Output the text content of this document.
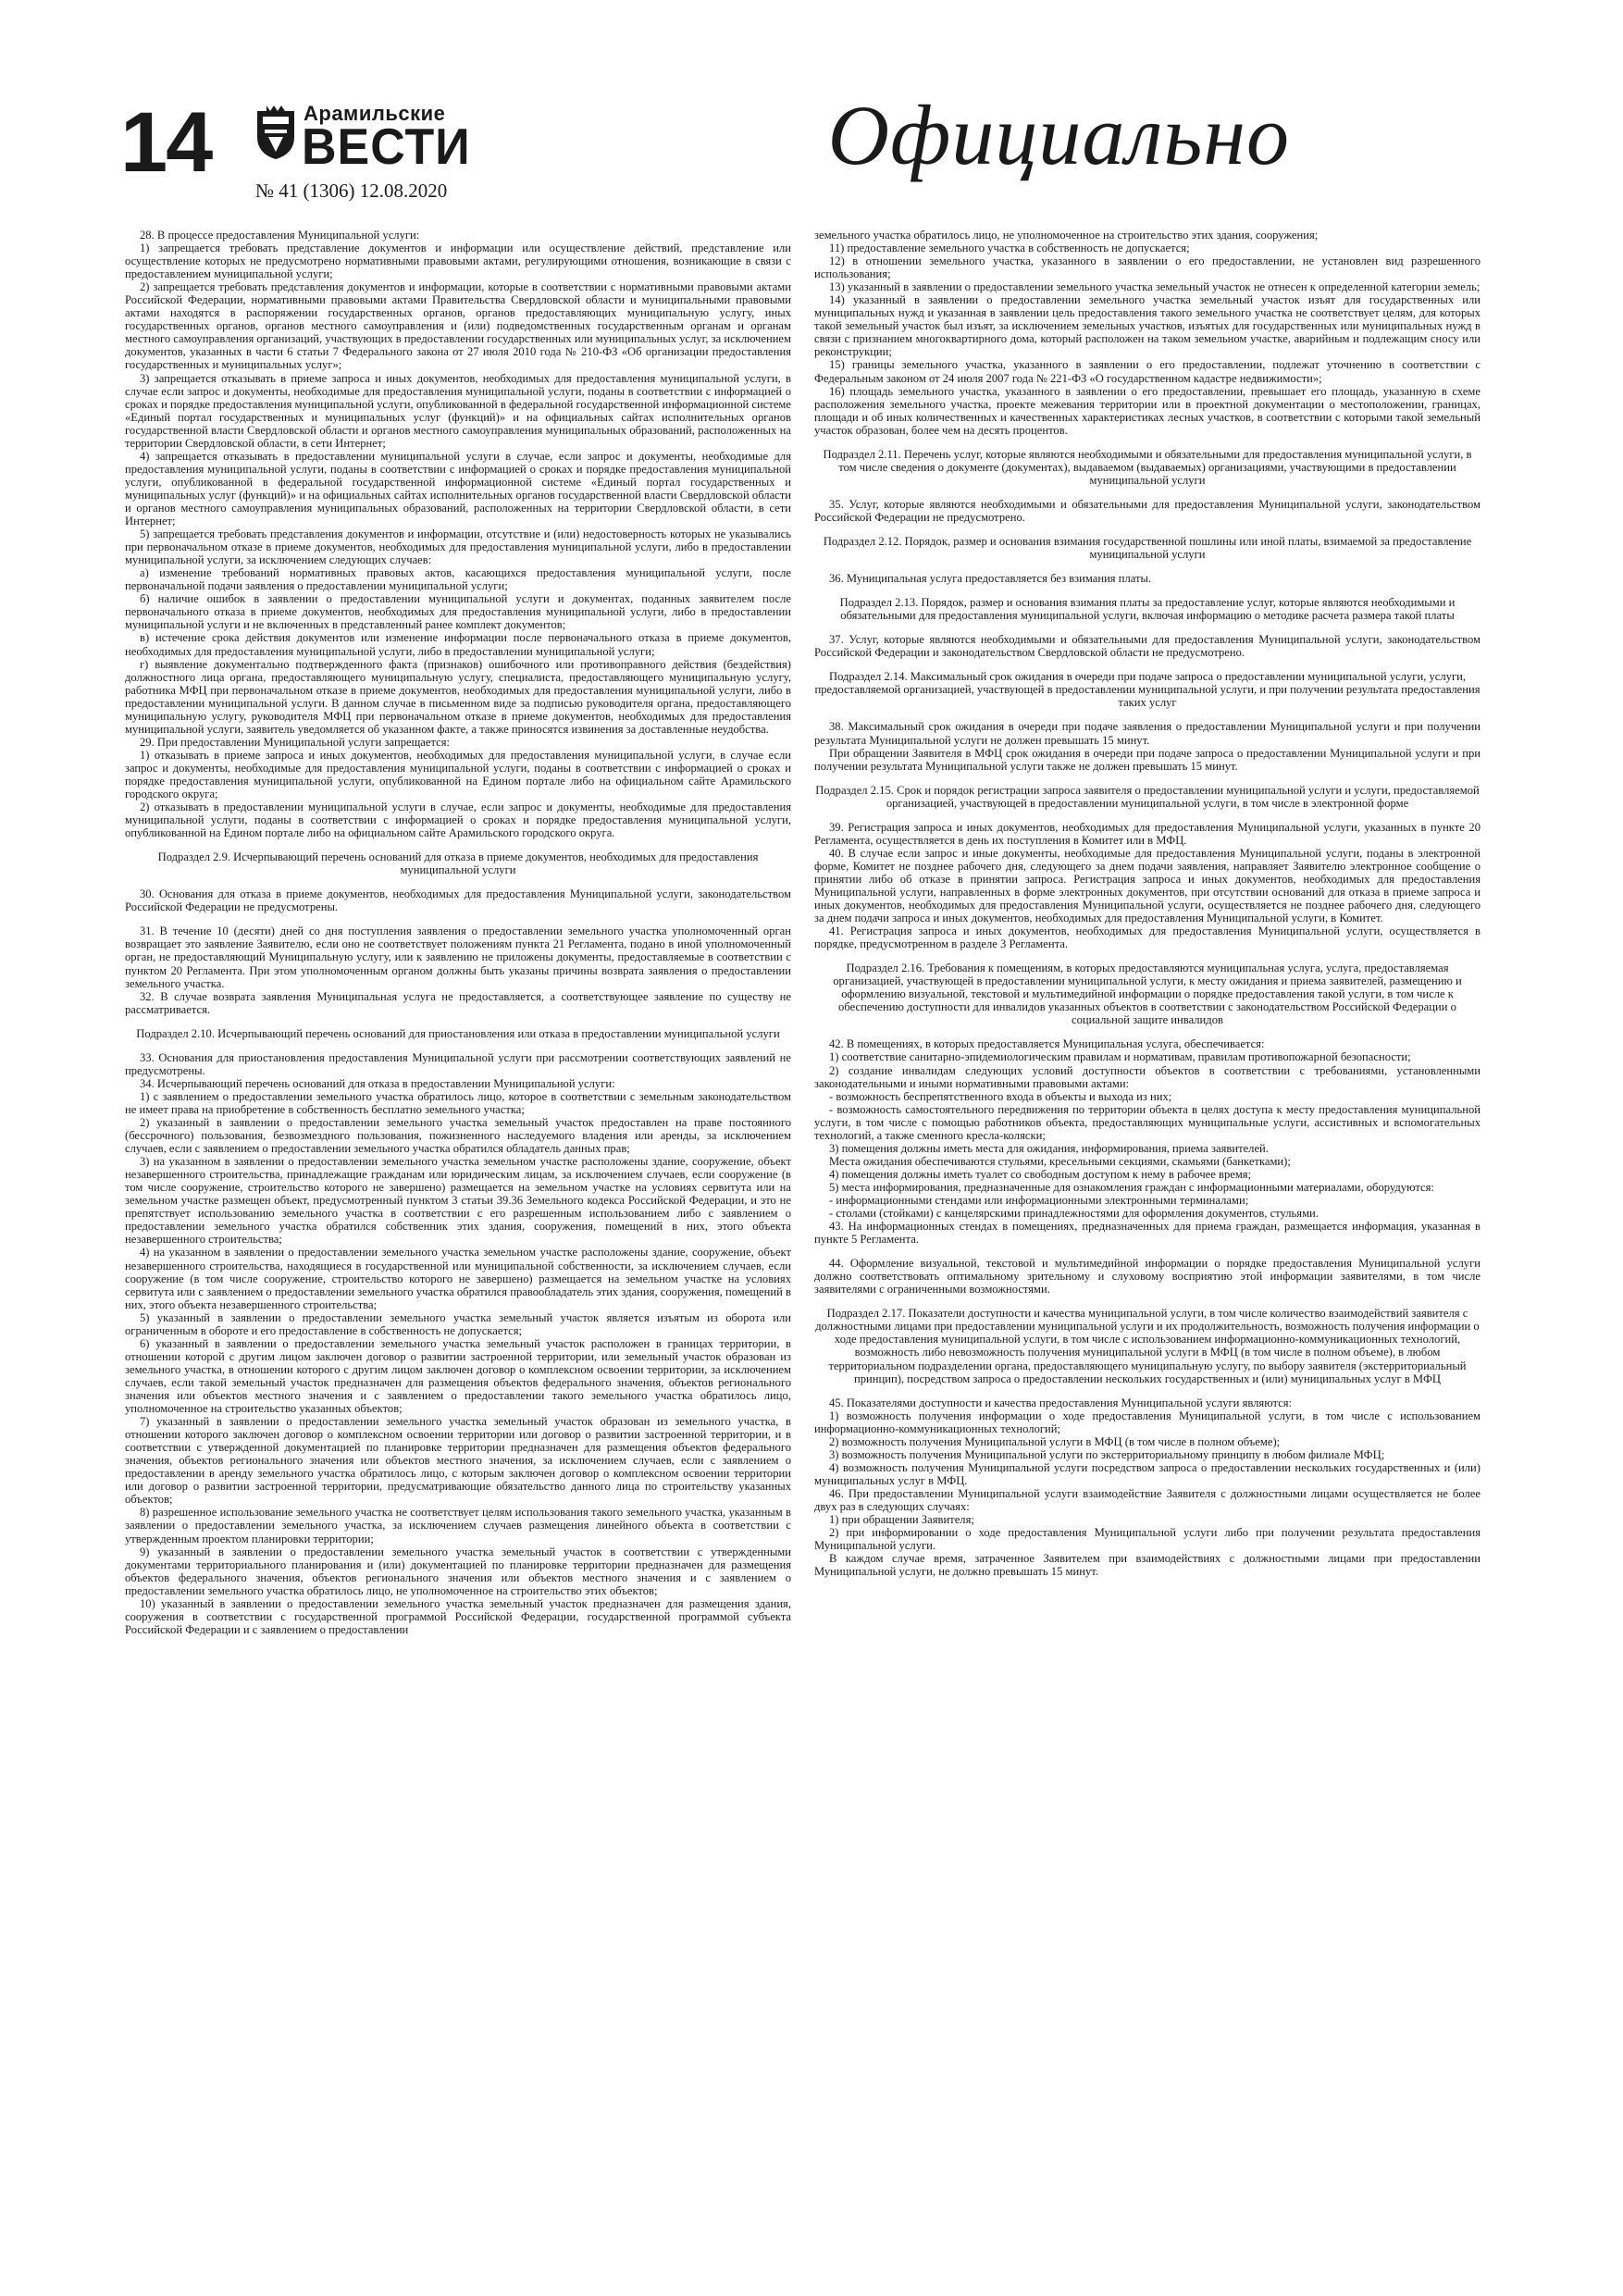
14	Арамильские
ВЕСТИ
№ 41 (1306) 12.08.2020
Официально

28. В процессе предоставления Муниципальной услуги:

1) запрещается требовать представление документов и информации или осуществление действий, представление или осуществление которых не предусмотрено нормативными правовыми актами, регулирующими отношения, возникающие в связи с предоставлением муниципальной услуги;

2) запрещается требовать представления документов и информации, которые в соответствии с нормативными правовыми актами Российской Федерации, нормативными правовыми актами Правительства Свердловской области и муниципальными правовыми актами находятся в распоряжении государственных органов, органов предоставляющих муниципальную услугу, иных государственных органов, органов местного самоуправления и (или) подведомственных государственным органам и органам местного самоуправления организаций, участвующих в предоставлении государственных или муниципальных услуг, за исключением документов, указанных в части 6 статьи 7 Федерального закона от 27 июля 2010 года № 210-ФЗ «Об организации предоставления государственных и муниципальных услуг»;

3) запрещается отказывать в приеме запроса и иных документов, необходимых для предоставления муниципальной услуги, в случае если запрос и документы, необходимые для предоставления муниципальной услуги, поданы в соответствии с информацией о сроках и порядке предоставления муниципальной услуги, опубликованной в федеральной государственной информационной системе «Единый портал государственных и муниципальных услуг (функций)» и на официальных сайтах исполнительных органов государственной власти Свердловской области и органов местного самоуправления муниципальных образований, расположенных на территории Свердловской области, в сети Интернет;

4) запрещается отказывать в предоставлении муниципальной услуги в случае, если запрос и документы, необходимые для предоставления муниципальной услуги, поданы в соответствии с информацией о сроках и порядке предоставления муниципальной услуги, опубликованной в федеральной государственной информационной системе «Единый портал государственных и муниципальных услуг (функций)» и на официальных сайтах исполнительных органов государственной власти Свердловской области и органов местного самоуправления муниципальных образований, расположенных на территории Свердловской области, в сети Интернет;

5) запрещается требовать представления документов и информации, отсутствие и (или) недостоверность которых не указывались при первоначальном отказе в приеме документов, необходимых для предоставления муниципальной услуги, либо в предоставлении муниципальной услуги, за исключением следующих случаев:

а) изменение требований нормативных правовых актов, касающихся предоставления муниципальной услуги, после первоначальной подачи заявления о предоставлении муниципальной услуги;

б) наличие ошибок в заявлении о предоставлении муниципальной услуги и документах, поданных заявителем после первоначального отказа в приеме документов, необходимых для предоставления муниципальной услуги, либо в предоставлении муниципальной услуги и не включенных в представленный ранее комплект документов;

в) истечение срока действия документов или изменение информации после первоначального отказа в приеме документов, необходимых для предоставления муниципальной услуги, либо в предоставлении муниципальной услуги;

г) выявление документально подтвержденного факта (признаков) ошибочного или противоправного действия (бездействия) должностного лица органа, предоставляющего муниципальную услугу, специалиста, предоставляющего муниципальную услугу, работника МФЦ при первоначальном отказе в приеме документов, необходимых для предоставления муниципальной услуги, либо в предоставлении муниципальной услуги. В данном случае в письменном виде за подписью руководителя органа, предоставляющего муниципальную услугу, руководителя МФЦ при первоначальном отказе в приеме документов, необходимых для предоставления муниципальной услуги, заявитель уведомляется об указанном факте, а также приносятся извинения за доставленные неудобства.

29. При предоставлении Муниципальной услуги запрещается:

1) отказывать в приеме запроса и иных документов, необходимых для предоставления муниципальной услуги, в случае если запрос и документы, необходимые для предоставления муниципальной услуги, поданы в соответствии с информацией о сроках и порядке предоставления муниципальной услуги, опубликованной на Едином портале либо на официальном сайте Арамильского городского округа;

2) отказывать в предоставлении муниципальной услуги в случае, если запрос и документы, необходимые для предоставления муниципальной услуги, поданы в соответствии с информацией о сроках и порядке предоставления муниципальной услуги, опубликованной на Едином портале либо на официальном сайте Арамильского городского округа.

Подраздел 2.9. Исчерпывающий перечень оснований для отказа в приеме документов, необходимых для предоставления муниципальной услуги

30. Основания для отказа в приеме документов, необходимых для предоставления Муниципальной услуги, законодательством Российской Федерации не предусмотрены.

31. В течение 10 (десяти) дней со дня поступления заявления о предоставлении земельного участка уполномоченный орган возвращает это заявление Заявителю, если оно не соответствует положениям пункта 21 Регламента, подано в иной уполномоченный орган, не предоставляющий Муниципальную услугу, или к заявлению не приложены документы, предоставляемые в соответствии с пунктом 20 Регламента. При этом уполномоченным органом должны быть указаны причины возврата заявления о предоставлении земельного участка.

32. В случае возврата заявления Муниципальная услуга не предоставляется, а соответствующее заявление по существу не рассматривается.

Подраздел 2.10. Исчерпывающий перечень оснований для приостановления или отказа в предоставлении муниципальной услуги

33. Основания для приостановления предоставления Муниципальной услуги при рассмотрении соответствующих заявлений не предусмотрены.

34. Исчерпывающий перечень оснований для отказа в предоставлении Муниципальной услуги:

1) с заявлением о предоставлении земельного участка обратилось лицо, которое в соответствии с земельным законодательством не имеет права на приобретение в собственность бесплатно земельного участка;

2) указанный в заявлении о предоставлении земельного участка земельный участок предоставлен на праве постоянного (бессрочного) пользования, безвозмездного пользования, пожизненного наследуемого владения или аренды, за исключением случаев, если с заявлением о предоставлении земельного участка обратился обладатель данных прав;

3) на указанном в заявлении о предоставлении земельного участка земельном участке расположены здание, сооружение, объект незавершенного строительства, принадлежащие гражданам или юридическим лицам, за исключением случаев, если сооружение (в том числе сооружение, строительство которого не завершено) размещается на земельном участке на условиях сервитута или на земельном участке размещен объект, предусмотренный пунктом 3 статьи 39.36 Земельного кодекса Российской Федерации, и это не препятствует использованию земельного участка в соответствии с его разрешенным использованием либо с заявлением о предоставлении земельного участка обратился собственник этих здания, сооружения, помещений в них, этого объекта незавершенного строительства;

4) на указанном в заявлении о предоставлении земельного участка земельном участке расположены здание, сооружение, объект незавершенного строительства, находящиеся в государственной или муниципальной собственности, за исключением случаев, если сооружение (в том числе сооружение, строительство которого не завершено) размещается на земельном участке на условиях сервитута или с заявлением о предоставлении земельного участка обратился правообладатель этих здания, сооружения, помещений в них, этого объекта незавершенного строительства;

5) указанный в заявлении о предоставлении земельного участка земельный участок является изъятым из оборота или ограниченным в обороте и его предоставление в собственность не допускается;

6) указанный в заявлении о предоставлении земельного участка земельный участок расположен в границах территории, в отношении которой с другим лицом заключен договор о развитии застроенной территории, или земельный участок образован из земельного участка, в отношении которого с другим лицом заключен договор о комплексном освоении территории, за исключением случаев, если такой земельный участок предназначен для размещения объектов федерального значения, объектов регионального значения или объектов местного значения и с заявлением о предоставлении такого земельного участка обратилось лицо, уполномоченное на строительство указанных объектов;

7) указанный в заявлении о предоставлении земельного участка земельный участок образован из земельного участка, в отношении которого заключен договор о комплексном освоении территории или договор о развитии застроенной территории, и в соответствии с утвержденной документацией по планировке территории предназначен для размещения объектов федерального значения, объектов регионального значения или объектов местного значения, за исключением случаев, если с заявлением о предоставлении в аренду земельного участка обратилось лицо, с которым заключен договор о комплексном освоении территории или договор о развитии застроенной территории, предусматривающие обязательство данного лица по строительству указанных объектов;

8) разрешенное использование земельного участка не соответствует целям использования такого земельного участка, указанным в заявлении о предоставлении земельного участка, за исключением случаев размещения линейного объекта в соответствии с утвержденным проектом планировки территории;

9) указанный в заявлении о предоставлении земельного участка земельный участок в соответствии с утвержденными документами территориального планирования и (или) документацией по планировке территории предназначен для размещения объектов федерального значения, объектов регионального значения или объектов местного значения и с заявлением о предоставлении земельного участка обратилось лицо, не уполномоченное на строительство этих объектов;

10) указанный в заявлении о предоставлении земельного участка земельный участок предназначен для размещения здания, сооружения в соответствии с государственной программой Российской Федерации, государственной программой субъекта Российской Федерации и с заявлением о предоставлении

земельного участка обратилось лицо, не уполномоченное на строительство этих здания, сооружения;

11) предоставление земельного участка в собственность не допускается;

12) в отношении земельного участка, указанного в заявлении о его предоставлении, не установлен вид разрешенного использования;

13) указанный в заявлении о предоставлении земельного участка земельный участок не отнесен к определенной категории земель;

14) указанный в заявлении о предоставлении земельного участка земельный участок изъят для государственных или муниципальных нужд и указанная в заявлении цель предоставления такого земельного участка не соответствует целям, для которых такой земельный участок был изъят, за исключением земельных участков, изъятых для государственных или муниципальных нужд в связи с признанием многоквартирного дома, который расположен на таком земельном участке, аварийным и подлежащим сносу или реконструкции;

15) границы земельного участка, указанного в заявлении о его предоставлении, подлежат уточнению в соответствии с Федеральным законом от 24 июля 2007 года № 221-ФЗ «О государственном кадастре недвижимости»;

16) площадь земельного участка, указанного в заявлении о его предоставлении, превышает его площадь, указанную в схеме расположения земельного участка, проекте межевания территории или в проектной документации о местоположении, границах, площади и об иных количественных и качественных характеристиках лесных участков, в соответствии с которыми такой земельный участок образован, более чем на десять процентов.

Подраздел 2.11. Перечень услуг, которые являются необходимыми и обязательными для предоставления муниципальной услуги, в том числе сведения о документе (документах), выдаваемом (выдаваемых) организациями, участвующими в предоставлении муниципальной услуги

35. Услуг, которые являются необходимыми и обязательными для предоставления Муниципальной услуги, законодательством Российской Федерации не предусмотрено.

Подраздел 2.12. Порядок, размер и основания взимания государственной пошлины или иной платы, взимаемой за предоставление муниципальной услуги

36. Муниципальная услуга предоставляется без взимания платы.

Подраздел 2.13. Порядок, размер и основания взимания платы за предоставление услуг, которые являются необходимыми и обязательными для предоставления муниципальной услуги, включая информацию о методике расчета размера такой платы

37. Услуг, которые являются необходимыми и обязательными для предоставления Муниципальной услуги, законодательством Российской Федерации и законодательством Свердловской области не предусмотрено.

Подраздел 2.14. Максимальный срок ожидания в очереди при подаче запроса о предоставлении муниципальной услуги, услуги, предоставляемой организацией, участвующей в предоставлении муниципальной услуги, и при получении результата предоставления таких услуг

38. Максимальный срок ожидания в очереди при подаче заявления о предоставлении Муниципальной услуги и при получении результата Муниципальной услуги не должен превышать 15 минут.

При обращении Заявителя в МФЦ срок ожидания в очереди при подаче запроса о предоставлении Муниципальной услуги и при получении результата Муниципальной услуги также не должен превышать 15 минут.

Подраздел 2.15. Срок и порядок регистрации запроса заявителя о предоставлении муниципальной услуги и услуги, предоставляемой организацией, участвующей в предоставлении муниципальной услуги, в том числе в электронной форме

39. Регистрация запроса и иных документов, необходимых для предоставления Муниципальной услуги, указанных в пункте 20 Регламента, осуществляется в день их поступления в Комитет или в МФЦ.

40. В случае если запрос и иные документы, необходимые для предоставления Муниципальной услуги, поданы в электронной форме, Комитет не позднее рабочего дня, следующего за днем подачи заявления, направляет Заявителю электронное сообщение о принятии либо об отказе в принятии запроса. Регистрация запроса и иных документов, необходимых для предоставления Муниципальной услуги, направленных в форме электронных документов, при отсутствии оснований для отказа в приеме запроса и иных документов, необходимых для предоставления Муниципальной услуги, осуществляется не позднее рабочего дня, следующего за днем подачи запроса и иных документов, необходимых для предоставления Муниципальной услуги, в Комитет.

41. Регистрация запроса и иных документов, необходимых для предоставления Муниципальной услуги, осуществляется в порядке, предусмотренном в разделе 3 Регламента.

Подраздел 2.16. Требования к помещениям, в которых предоставляются муниципальная услуга, услуга, предоставляемая организацией, участвующей в предоставлении муниципальной услуги, к месту ожидания и приема заявителей, размещению и оформлению визуальной, текстовой и мультимедийной информации о порядке предоставления такой услуги, в том числе к обеспечению доступности для инвалидов указанных объектов в соответствии с законодательством Российской Федерации о социальной защите инвалидов

42. В помещениях, в которых предоставляется Муниципальная услуга, обеспечивается:

1) соответствие санитарно-эпидемиологическим правилам и нормативам, правилам противопожарной безопасности;

2) создание инвалидам следующих условий доступности объектов в соответствии с требованиями, установленными законодательными и иными нормативными правовыми актами:

- возможность беспрепятственного входа в объекты и выхода из них;

- возможность самостоятельного передвижения по территории объекта в целях доступа к месту предоставления муниципальной услуги, в том числе с помощью работников объекта, предоставляющих муниципальные услуги, ассистивных и вспомогательных технологий, а также сменного кресла-коляски;

3) помещения должны иметь места для ожидания, информирования, приема заявителей.

Места ожидания обеспечиваются стульями, кресельными секциями, скамьями (банкетками);

4) помещения должны иметь туалет со свободным доступом к нему в рабочее время;

5) места информирования, предназначенные для ознакомления граждан с информационными материалами, оборудуются:

- информационными стендами или информационными электронными терминалами;

- столами (стойками) с канцелярскими принадлежностями для оформления документов, стульями.

43. На информационных стендах в помещениях, предназначенных для приема граждан, размещается информация, указанная в пункте 5 Регламента.

44. Оформление визуальной, текстовой и мультимедийной информации о порядке предоставления Муниципальной услуги должно соответствовать оптимальному зрительному и слуховому восприятию этой информации заявителями, в том числе заявителями с ограниченными возможностями.

Подраздел 2.17. Показатели доступности и качества муниципальной услуги, в том числе количество взаимодействий заявителя с должностными лицами при предоставлении муниципальной услуги и их продолжительность, возможность получения информации о ходе предоставления муниципальной услуги, в том числе с использованием информационно-коммуникационных технологий, возможность либо невозможность получения муниципальной услуги в МФЦ (в том числе в полном объеме), в любом территориальном подразделении органа, предоставляющего муниципальную услугу, по выбору заявителя (экстерриториальный принцип), посредством запроса о предоставлении нескольких государственных и (или) муниципальных услуг в МФЦ

45. Показателями доступности и качества предоставления Муниципальной услуги являются:

1) возможность получения информации о ходе предоставления Муниципальной услуги, в том числе с использованием информационно-коммуникационных технологий;

2) возможность получения Муниципальной услуги в МФЦ (в том числе в полном объеме);

3) возможность получения Муниципальной услуги по экстерриториальному принципу в любом филиале МФЦ;

4) возможность получения Муниципальной услуги посредством запроса о предоставлении нескольких государственных и (или) муниципальных услуг в МФЦ.

46. При предоставлении Муниципальной услуги взаимодействие Заявителя с должностными лицами осуществляется не более двух раз в следующих случаях:

1) при обращении Заявителя;

2) при информировании о ходе предоставления Муниципальной услуги либо при получении результата предоставления Муниципальной услуги.

В каждом случае время, затраченное Заявителем при взаимодействиях с должностными лицами при предоставлении Муниципальной услуги, не должно превышать 15 минут.
